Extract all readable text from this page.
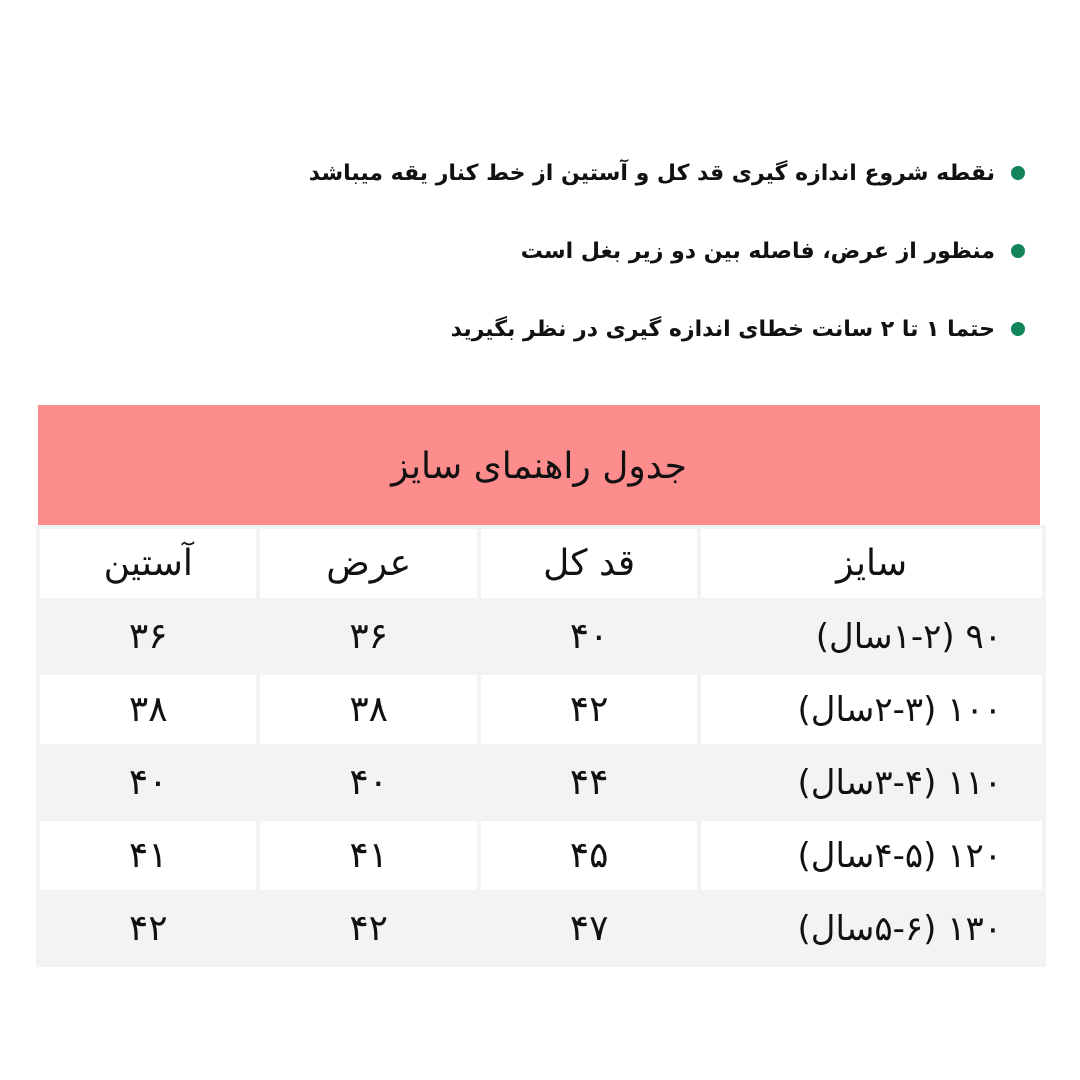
نقطه شروع اندازه گیری قد کل و آستین از خط کنار یقه میباشد
منظور از عرض، فاصله بین دو زیر بغل است
حتما ۱ تا ۲ سانت خطای اندازه گیری در نظر بگیرید
جدول راهنمای سایز
سایز	قد کل	عرض	آستین
۹۰ (۱-۲سال)	۴۰	۳۶	۳۶
۱۰۰ (۲-۳سال)	۴۲	۳۸	۳۸
۱۱۰ (۳-۴سال)	۴۴	۴۰	۴۰
۱۲۰ (۴-۵سال)	۴۵	۴۱	۴۱
۱۳۰ (۵-۶سال)	۴۷	۴۲	۴۲
